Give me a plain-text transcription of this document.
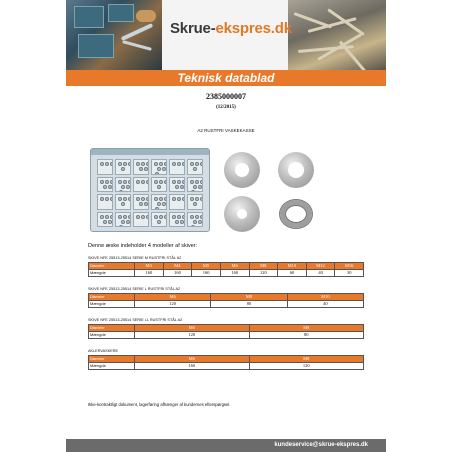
Skrue-ekspres.dk
Teknisk datablad
2385000007
(12/2015)
A2 RUSTFRI VASKEKASSE
Denne æske indeholder 4 modeller af skiver:
SKIVE NFE 25513-25514 SERIE M RUSTFRI STÅL A2
Diameter	M3	M4	M5	M6	M8	M10	M12	M16
Mængde	160	160	160	160	120	60	40	30
SKIVE NFE 25513-25514 SERIE L RUSTFRI STÅL A2
Diameter	M6	M8	M10
Mængde	120	80	40
SKIVE NFE 25513-25514 SERIE LL RUSTFRI STÅL A2
Diameter	M6	M8
Mængde	120	80
AKLERVASKERE
Diameter	M6	M8
Mængde	160	120
Ikke-kontraktligt dokument, lagerføring afhænger af kundernes efterspørgsel.
kundeservice@skrue-ekspres.dk
